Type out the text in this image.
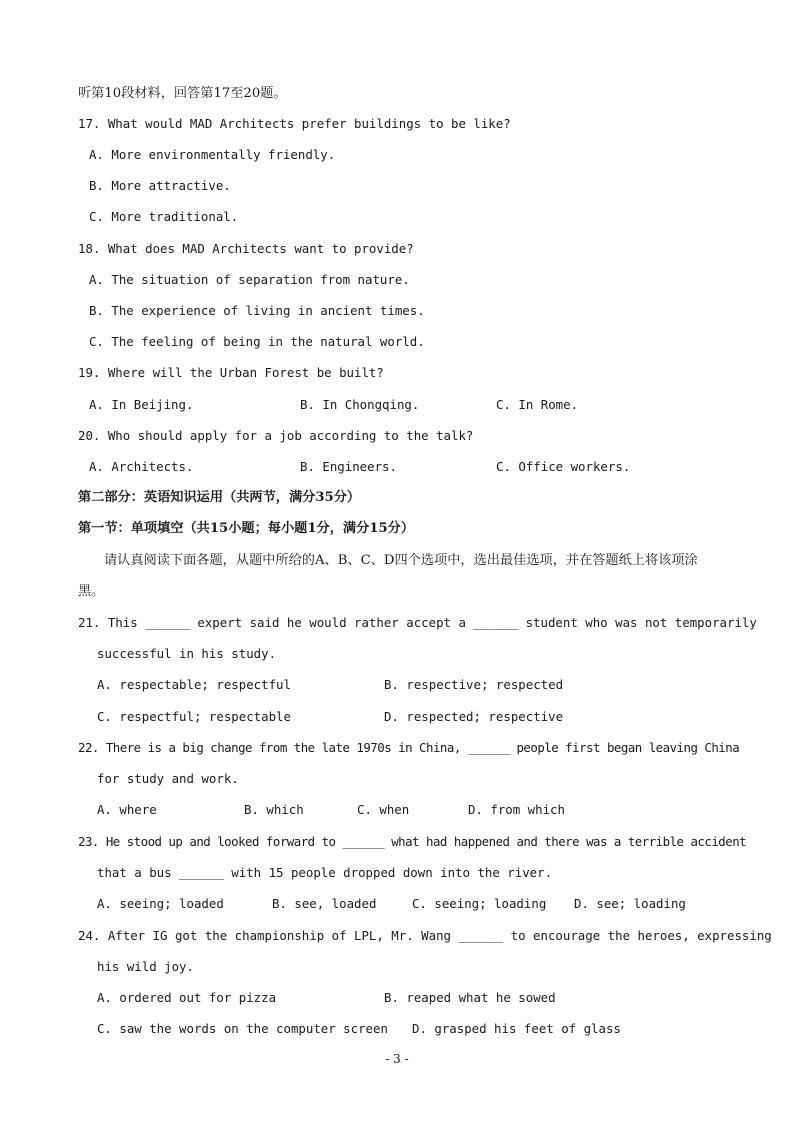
听第10段材料，回答第17至20题。
17. What would MAD Architects prefer buildings to be like?
A. More environmentally friendly.
B. More attractive.
C. More traditional.
18. What does MAD Architects want to provide?
A. The situation of separation from nature.
B. The experience of living in ancient times.
C. The feeling of being in the natural world.
19. Where will the Urban Forest be built?
A. In Beijing.	B. In Chongqing.	C. In Rome.
20. Who should apply for a job according to the talk?
A. Architects.	B. Engineers.	C. Office workers.
第二部分：英语知识运用（共两节，满分35分）
第一节：单项填空（共15小题；每小题1分，满分15分）
请认真阅读下面各题，从题中所给的A、B、C、D四个选项中，选出最佳选项，并在答题纸上将该项涂
黑。
21. This ______ expert said he would rather accept a ______ student who was not temporarily
successful in his study.
A. respectable; respectful	B. respective; respected
C. respectful; respectable	D. respected; respective
22. There is a big change from the late 1970s in China, ______ people first began leaving China
for study and work.
A. where	B. which	C. when	D. from which
23. He stood up and looked forward to ______ what had happened and there was a terrible accident
that a bus ______ with 15 people dropped down into the river.
A. seeing; loaded	B. see, loaded	C. seeing; loading D. see; loading
24. After IG got the championship of LPL, Mr. Wang ______ to encourage the heroes, expressing
his wild joy.
A. ordered out for pizza	B. reaped what he sowed
C. saw the words on the computer screen D. grasped his feet of glass
- 3 -
